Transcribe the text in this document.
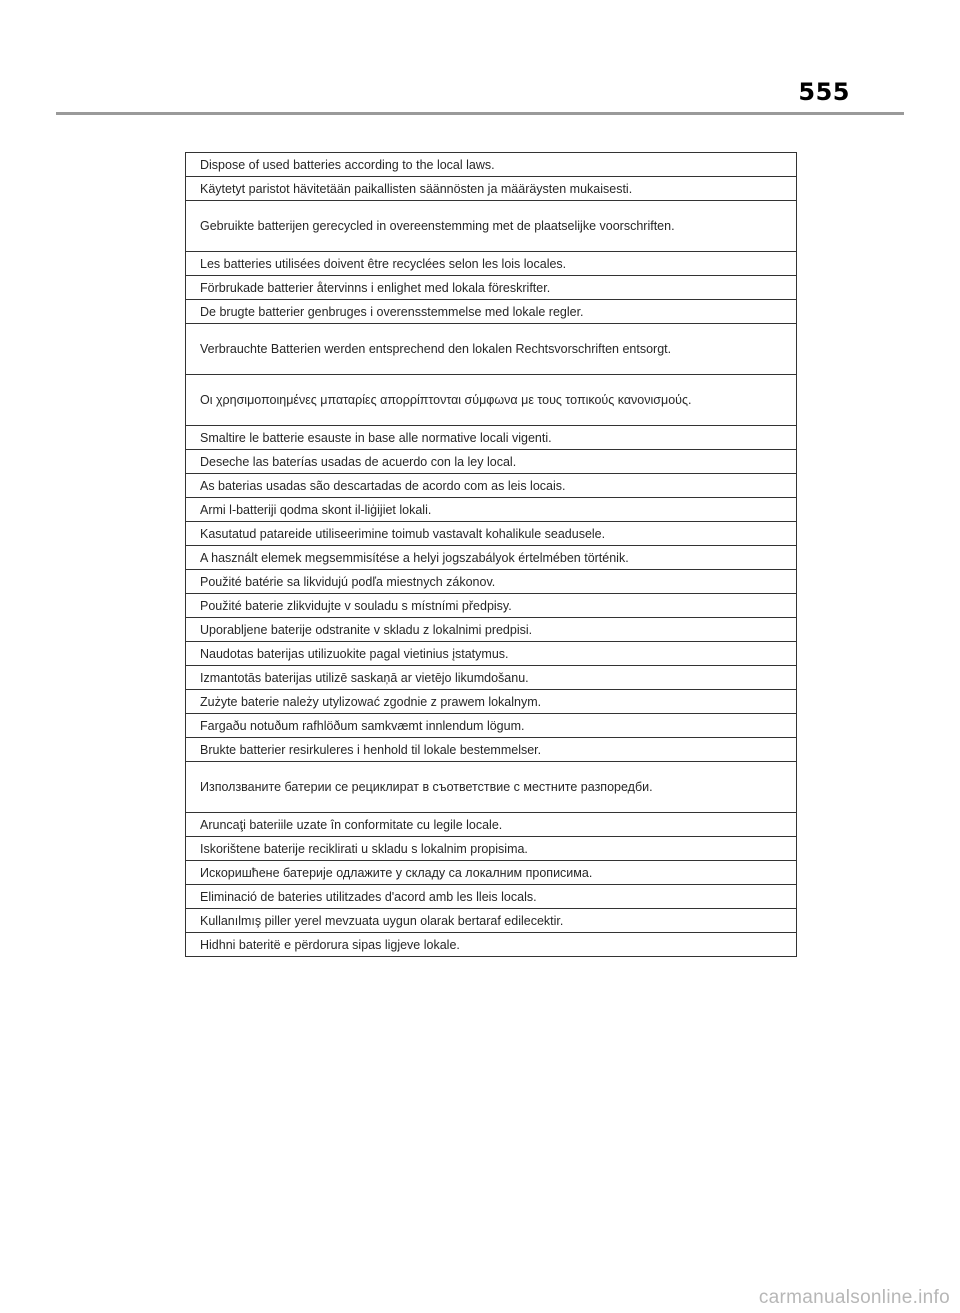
555
Dispose of used batteries according to the local laws.
Käytetyt paristot hävitetään paikallisten säännösten ja määräysten mukaisesti.
Gebruikte batterijen gerecycled in overeenstemming met de plaatselijke voorschriften.
Les batteries utilisées doivent être recyclées selon les lois locales.
Förbrukade batterier återvinns i enlighet med lokala föreskrifter.
De brugte batterier genbruges i overensstemmelse med lokale regler.
Verbrauchte Batterien werden entsprechend den lokalen Rechtsvorschriften entsorgt.
Οι χρησιμοποιημένες μπαταρίες απορρίπτονται σύμφωνα με τους τοπικούς κανονισμούς.
Smaltire le batterie esauste in base alle normative locali vigenti.
Deseche las baterías usadas de acuerdo con la ley local.
As baterias usadas são descartadas de acordo com as leis locais.
Armi l-batteriji qodma skont il-liġijiet lokali.
Kasutatud patareide utiliseerimine toimub vastavalt kohalikule seadusele.
A használt elemek megsemmisítése a helyi jogszabályok értelmében történik.
Použité batérie sa likvidujú podľa miestnych zákonov.
Použité baterie zlikvidujte v souladu s místními předpisy.
Uporabljene baterije odstranite v skladu z lokalnimi predpisi.
Naudotas baterijas utilizuokite pagal vietinius įstatymus.
Izmantotās baterijas utilizē saskaņā ar vietējo likumdošanu.
Zużyte baterie należy utylizować zgodnie z prawem lokalnym.
Fargaðu notuðum rafhlöðum samkvæmt innlendum lögum.
Brukte batterier resirkuleres i henhold til lokale bestemmelser.
Използваните батерии се рециклират в съответствие с местните разпоредби.
Aruncaţi bateriile uzate în conformitate cu legile locale.
Iskorištene baterije reciklirati u skladu s lokalnim propisima.
Искоришћене батерије одлажите у складу са локалним прописима.
Eliminació de bateries utilitzades d'acord amb les lleis locals.
Kullanılmış piller yerel mevzuata uygun olarak bertaraf edilecektir.
Hidhni bateritë e përdorura sipas ligjeve lokale.
carmanualsonline.info
